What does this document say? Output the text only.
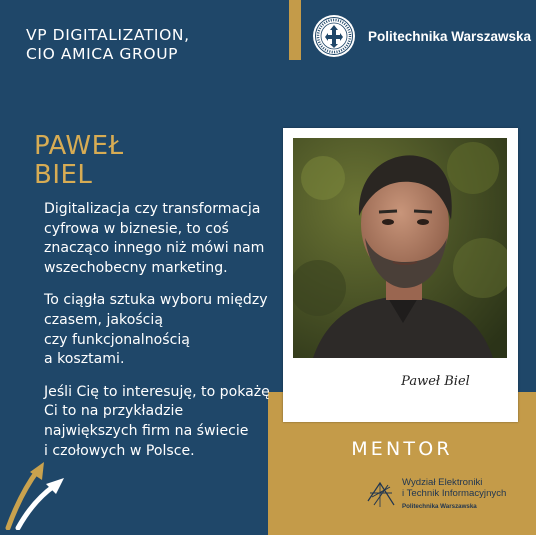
VP DIGITALIZATION,
CIO AMICA GROUP
Politechnika Warszawska
PAWEŁ
BIEL
Digitalizacja czy transformacja
cyfrowa w biznesie, to coś
znacząco innego niż mówi nam
wszechobecny marketing.
To ciągła sztuka wyboru między
czasem, jakością
czy funkcjonalnością
a kosztami.
Jeśli Cię to interesuję, to pokażę
Ci to na przykładzie
największych firm na świecie
i czołowych w Polsce.
Paweł Biel
MENTOR
Wydział Elektroniki
i Technik Informacyjnych
Politechnika Warszawska
